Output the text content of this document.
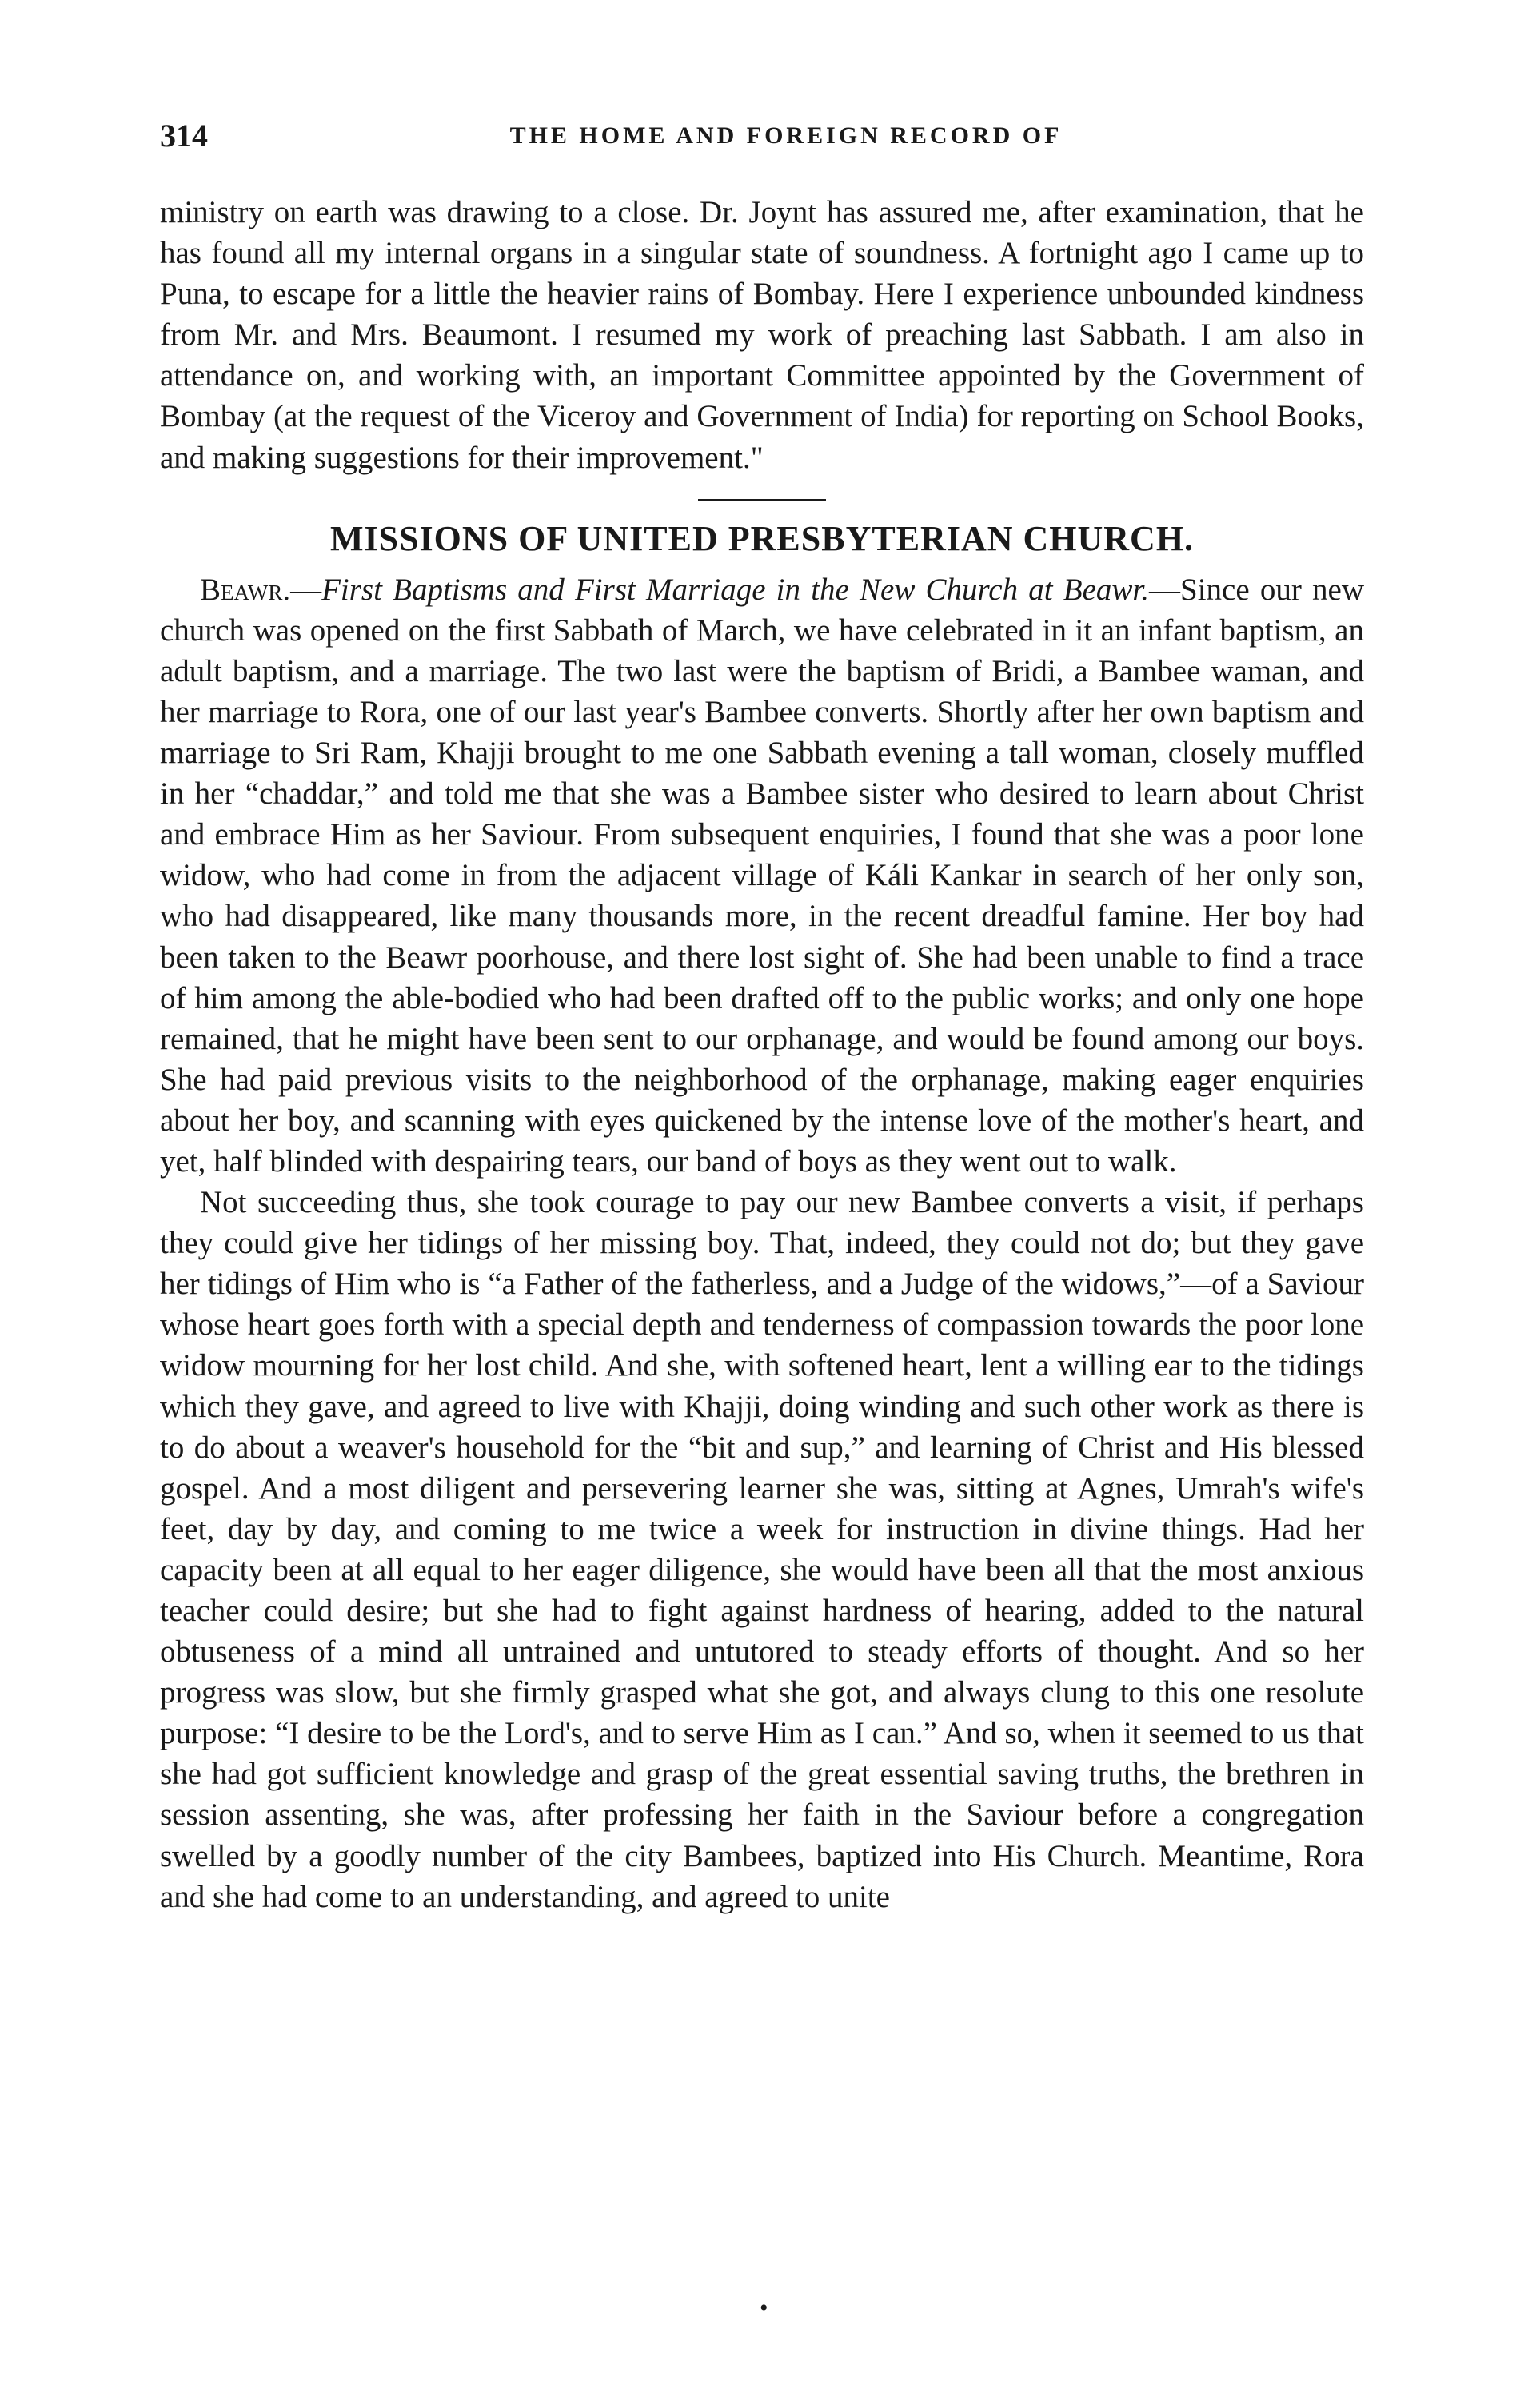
314	THE HOME AND FOREIGN RECORD OF

ministry on earth was drawing to a close. Dr. Joynt has assured me, after examination, that he has found all my internal organs in a singular state of soundness. A fortnight ago I came up to Puna, to escape for a little the heavier rains of Bombay. Here I experience unbounded kindness from Mr. and Mrs. Beaumont. I resumed my work of preaching last Sabbath. I am also in attendance on, and working with, an important Committee appointed by the Government of Bombay (at the request of the Viceroy and Government of India) for reporting on School Books, and making suggestions for their improvement."

MISSIONS OF UNITED PRESBYTERIAN CHURCH.

Beawr.—First Baptisms and First Marriage in the New Church at Beawr.—Since our new church was opened on the first Sabbath of March, we have celebrated in it an infant baptism, an adult baptism, and a marriage. The two last were the baptism of Bridi, a Bambee waman, and her marriage to Rora, one of our last year's Bambee converts. Shortly after her own baptism and marriage to Sri Ram, Khajji brought to me one Sabbath evening a tall woman, closely muffled in her “chaddar,” and told me that she was a Bambee sister who desired to learn about Christ and embrace Him as her Saviour. From subsequent enquiries, I found that she was a poor lone widow, who had come in from the adjacent village of Káli Kankar in search of her only son, who had disappeared, like many thousands more, in the recent dreadful famine. Her boy had been taken to the Beawr poorhouse, and there lost sight of. She had been unable to find a trace of him among the able-bodied who had been drafted off to the public works; and only one hope remained, that he might have been sent to our orphanage, and would be found among our boys. She had paid previous visits to the neighborhood of the orphanage, making eager enquiries about her boy, and scanning with eyes quickened by the intense love of the mother's heart, and yet, half blinded with despairing tears, our band of boys as they went out to walk.

Not succeeding thus, she took courage to pay our new Bambee converts a visit, if perhaps they could give her tidings of her missing boy. That, indeed, they could not do; but they gave her tidings of Him who is “a Father of the fatherless, and a Judge of the widows,”—of a Saviour whose heart goes forth with a special depth and tenderness of compassion towards the poor lone widow mourning for her lost child. And she, with softened heart, lent a willing ear to the tidings which they gave, and agreed to live with Khajji, doing winding and such other work as there is to do about a weaver's household for the “bit and sup,” and learning of Christ and His blessed gospel. And a most diligent and persevering learner she was, sitting at Agnes, Umrah's wife's feet, day by day, and coming to me twice a week for instruction in divine things. Had her capacity been at all equal to her eager diligence, she would have been all that the most anxious teacher could desire; but she had to fight against hardness of hearing, added to the natural obtuseness of a mind all untrained and untutored to steady efforts of thought. And so her progress was slow, but she firmly grasped what she got, and always clung to this one resolute purpose: “I desire to be the Lord's, and to serve Him as I can.” And so, when it seemed to us that she had got sufficient knowledge and grasp of the great essential saving truths, the brethren in session assenting, she was, after professing her faith in the Saviour before a congregation swelled by a goodly number of the city Bambees, baptized into His Church. Meantime, Rora and she had come to an understanding, and agreed to unite

•
